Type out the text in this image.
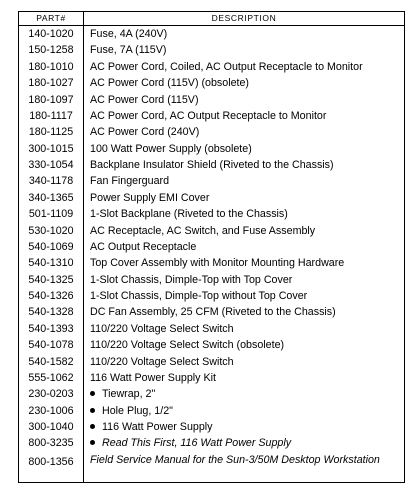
PART#	DESCRIPTION
140-1020
150-1258
180-1010
180-1027
180-1097
180-1117
180-1125
300-1015
330-1054
340-1178
340-1365
501-1109
530-1020
540-1069
540-1310
540-1325
540-1326
540-1328
540-1393
540-1078
540-1582
555-1062
230-0203
230-1006
300-1040
800-3235
800-1356
Fuse, 4A (240V)
Fuse, 7A (115V)
AC Power Cord, Coiled, AC Output Receptacle to Monitor
AC Power Cord (115V) (obsolete)
AC Power Cord (115V)
AC Power Cord, AC Output Receptacle to Monitor
AC Power Cord (240V)
100 Watt Power Supply (obsolete)
Backplane Insulator Shield (Riveted to the Chassis)
Fan Fingerguard
Power Supply EMI Cover
1-Slot Backplane (Riveted to the Chassis)
AC Receptacle, AC Switch, and Fuse Assembly
AC Output Receptacle
Top Cover Assembly with Monitor Mounting Hardware
1-Slot Chassis, Dimple-Top with Top Cover
1-Slot Chassis, Dimple-Top without Top Cover
DC Fan Assembly, 25 CFM (Riveted to the Chassis)
110/220 Voltage Select Switch
110/220 Voltage Select Switch (obsolete)
110/220 Voltage Select Switch
116 Watt Power Supply Kit
Tiewrap, 2"
Hole Plug, 1/2"
116 Watt Power Supply
Read This First, 116 Watt Power Supply
Field Service Manual for the Sun-3/50M Desktop Workstation
